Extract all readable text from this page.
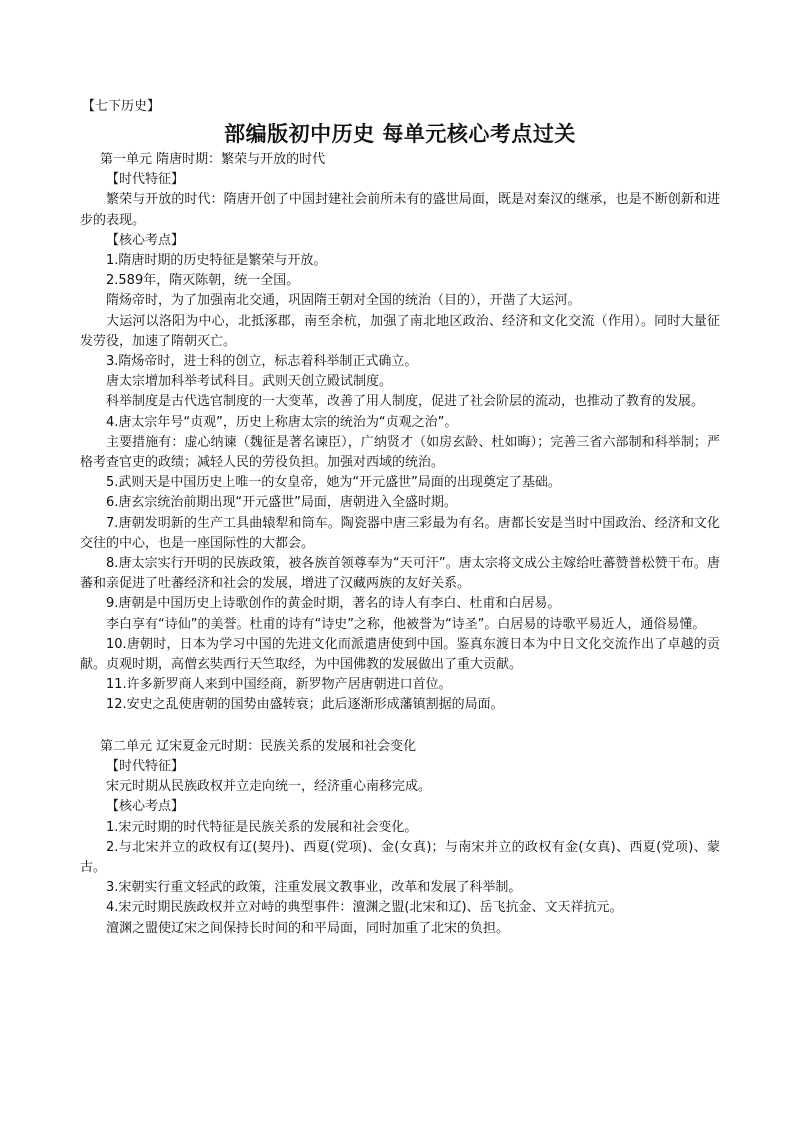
【七下历史】
部编版初中历史 每单元核心考点过关

第一单元 隋唐时期：繁荣与开放的时代

【时代特征】

繁荣与开放的时代：隋唐开创了中国封建社会前所未有的盛世局面，既是对秦汉的继承，也是不断创新和进步的表现。

【核心考点】

1.隋唐时期的历史特征是繁荣与开放。

2.589年，隋灭陈朝，统一全国。

隋炀帝时，为了加强南北交通，巩固隋王朝对全国的统治（目的），开凿了大运河。

大运河以洛阳为中心，北抵涿郡，南至余杭，加强了南北地区政治、经济和文化交流（作用）。同时大量征发劳役，加速了隋朝灭亡。

3.隋炀帝时，进士科的创立，标志着科举制正式确立。

唐太宗增加科举考试科目。武则天创立殿试制度。

科举制度是古代选官制度的一大变革，改善了用人制度，促进了社会阶层的流动，也推动了教育的发展。

4.唐太宗年号“贞观”，历史上称唐太宗的统治为“贞观之治”。

主要措施有：虚心纳谏（魏征是著名谏臣），广纳贤才（如房玄龄、杜如晦）；完善三省六部制和科举制；严格考查官吏的政绩；减轻人民的劳役负担。加强对西域的统治。

5.武则天是中国历史上唯一的女皇帝，她为“开元盛世”局面的出现奠定了基础。

6.唐玄宗统治前期出现“开元盛世”局面，唐朝进入全盛时期。

7.唐朝发明新的生产工具曲辕犁和筒车。陶瓷器中唐三彩最为有名。唐都长安是当时中国政治、经济和文化交往的中心，也是一座国际性的大都会。

8.唐太宗实行开明的民族政策，被各族首领尊奉为“天可汗”。唐太宗将文成公主嫁给吐蕃赞普松赞干布。唐蕃和亲促进了吐蕃经济和社会的发展，增进了汉藏两族的友好关系。

9.唐朝是中国历史上诗歌创作的黄金时期，著名的诗人有李白、杜甫和白居易。

李白享有“诗仙”的美誉。杜甫的诗有“诗史”之称，他被誉为“诗圣”。白居易的诗歌平易近人，通俗易懂。

10.唐朝时，日本为学习中国的先进文化而派遣唐使到中国。鉴真东渡日本为中日文化交流作出了卓越的贡献。贞观时期，高僧玄奘西行天竺取经，为中国佛教的发展做出了重大贡献。

11.许多新罗商人来到中国经商，新罗物产居唐朝进口首位。

12.安史之乱使唐朝的国势由盛转衰；此后逐渐形成藩镇割据的局面。

第二单元 辽宋夏金元时期：民族关系的发展和社会变化

【时代特征】

宋元时期从民族政权并立走向统一，经济重心南移完成。

【核心考点】

1.宋元时期的时代特征是民族关系的发展和社会变化。

2.与北宋并立的政权有辽(契丹)、西夏(党项)、金(女真)；与南宋并立的政权有金(女真)、西夏(党项)、蒙古。

3.宋朝实行重文轻武的政策，注重发展文教事业，改革和发展了科举制。

4.宋元时期民族政权并立对峙的典型事件：澶渊之盟(北宋和辽)、岳飞抗金、文天祥抗元。

澶渊之盟使辽宋之间保持长时间的和平局面，同时加重了北宋的负担。
